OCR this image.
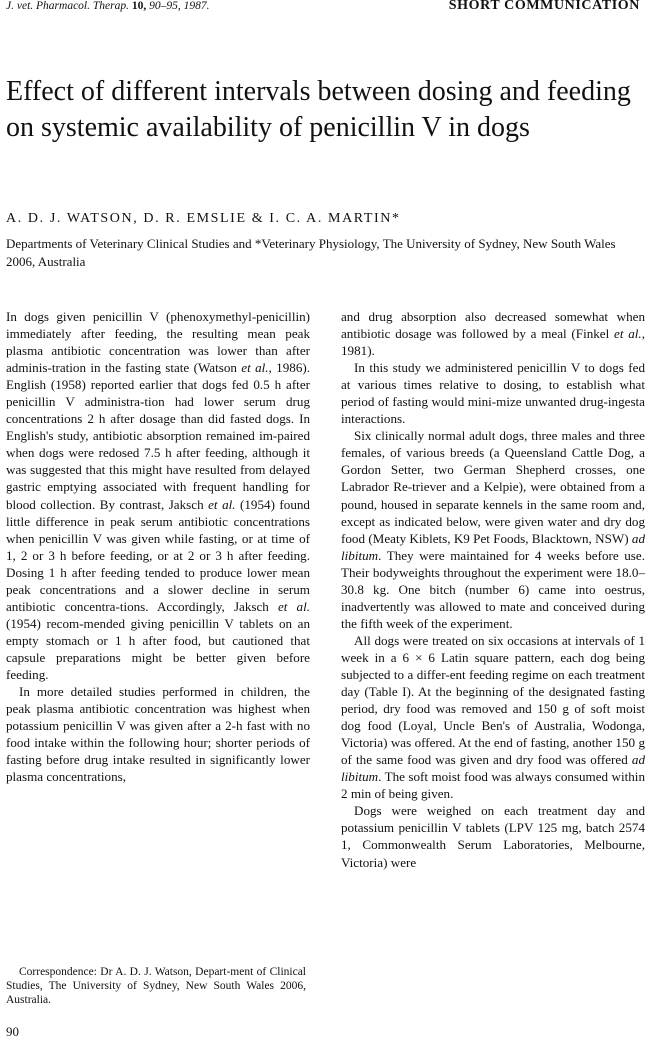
J. vet. Pharmacol. Therap. 10, 90–95, 1987.	SHORT COMMUNICATION
Effect of different intervals between dosing and feeding on systemic availability of penicillin V in dogs
A. D. J. WATSON, D. R. EMSLIE & I. C. A. MARTIN*
Departments of Veterinary Clinical Studies and *Veterinary Physiology, The University of Sydney, New South Wales 2006, Australia

In dogs given penicillin V (phenoxymethyl-penicillin) immediately after feeding, the resulting mean peak plasma antibiotic concentration was lower than after adminis-tration in the fasting state (Watson et al., 1986). English (1958) reported earlier that dogs fed 0.5 h after penicillin V administra-tion had lower serum drug concentrations 2 h after dosage than did fasted dogs. In English's study, antibiotic absorption remained im-paired when dogs were redosed 7.5 h after feeding, although it was suggested that this might have resulted from delayed gastric emptying associated with frequent handling for blood collection. By contrast, Jaksch et al. (1954) found little difference in peak serum antibiotic concentrations when penicillin V was given while fasting, or at time of 1, 2 or 3 h before feeding, or at 2 or 3 h after feeding. Dosing 1 h after feeding tended to produce lower mean peak concentrations and a slower decline in serum antibiotic concentra-tions. Accordingly, Jaksch et al. (1954) recom-mended giving penicillin V tablets on an empty stomach or 1 h after food, but cautioned that capsule preparations might be better given before feeding.

In more detailed studies performed in children, the peak plasma antibiotic concentration was highest when potassium penicillin V was given after a 2-h fast with no food intake within the following hour; shorter periods of fasting before drug intake resulted in significantly lower plasma concentrations,

and drug absorption also decreased somewhat when antibiotic dosage was followed by a meal (Finkel et al., 1981).

In this study we administered penicillin V to dogs fed at various times relative to dosing, to establish what period of fasting would mini-mize unwanted drug-ingesta interactions.

Six clinically normal adult dogs, three males and three females, of various breeds (a Queensland Cattle Dog, a Gordon Setter, two German Shepherd crosses, one Labrador Re-triever and a Kelpie), were obtained from a pound, housed in separate kennels in the same room and, except as indicated below, were given water and dry dog food (Meaty Kiblets, K9 Pet Foods, Blacktown, NSW) ad libitum. They were maintained for 4 weeks before use. Their bodyweights throughout the experiment were 18.0–30.8 kg. One bitch (number 6) came into oestrus, inadvertently was allowed to mate and conceived during the fifth week of the experiment.

All dogs were treated on six occasions at intervals of 1 week in a 6 × 6 Latin square pattern, each dog being subjected to a differ-ent feeding regime on each treatment day (Table I). At the beginning of the designated fasting period, dry food was removed and 150 g of soft moist dog food (Loyal, Uncle Ben's of Australia, Wodonga, Victoria) was offered. At the end of fasting, another 150 g of the same food was given and dry food was offered ad libitum. The soft moist food was always consumed within 2 min of being given.

Dogs were weighed on each treatment day and potassium penicillin V tablets (LPV 125 mg, batch 2574 1, Commonwealth Serum Laboratories, Melbourne, Victoria) were

Correspondence: Dr A. D. J. Watson, Depart-ment of Clinical Studies, The University of Sydney, New South Wales 2006, Australia.
90
